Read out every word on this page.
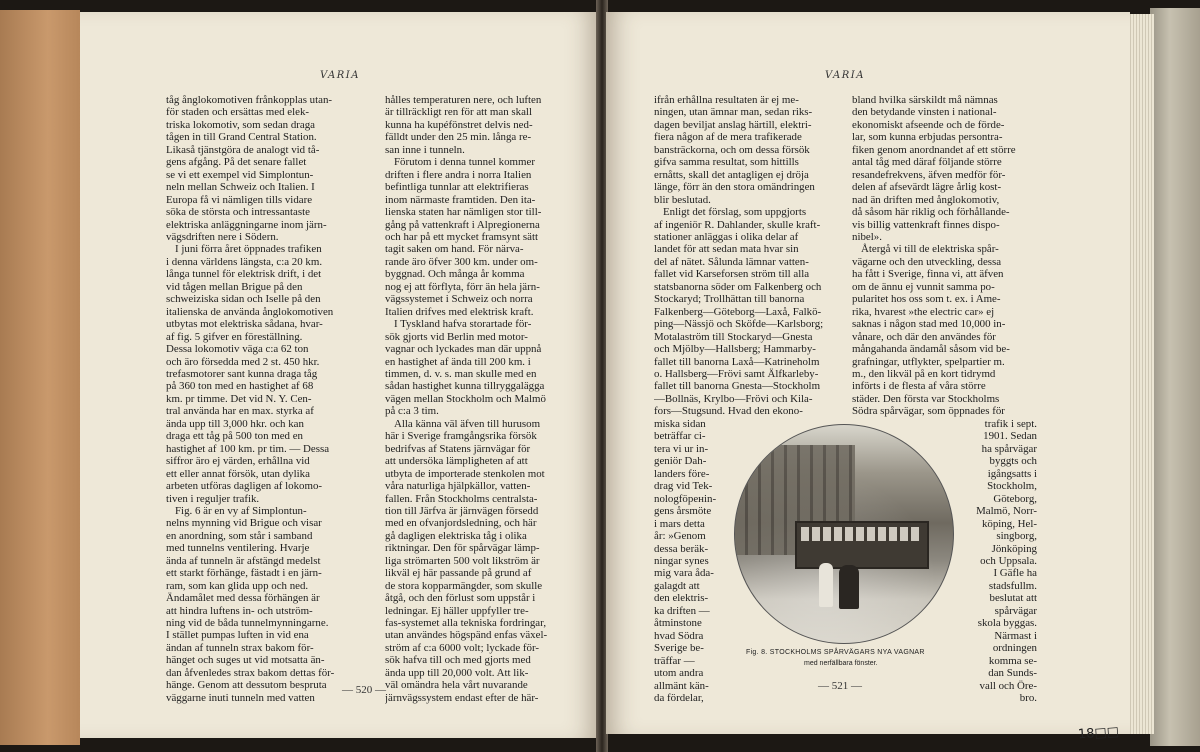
VARIA
tåg ånglokomotiven frånkopplas utan-
för staden och ersättas med elek-
triska lokomotiv, som sedan draga
tågen in till Grand Central Station.
Likaså tjänstgöra de analogt vid tå-
gens afgång. På det senare fallet
se vi ett exempel vid Simplontun-
neln mellan Schweiz och Italien. I
Europa få vi nämligen tills vidare
söka de största och intressantaste
elektriska anläggningarne inom järn-
vägsdriften nere i Södern.
I juni förra året öppnades trafiken
i denna världens längsta, c:a 20 km.
långa tunnel för elektrisk drift, i det
vid tågen mellan Brigue på den
schweiziska sidan och Iselle på den
italienska de använda ånglokomotiven
utbytas mot elektriska sådana, hvar-
af fig. 5 gifver en föreställning.
Dessa lokomotiv väga c:a 62 ton
och äro försedda med 2 st. 450 hkr.
trefasmotorer sant kunna draga tåg
på 360 ton med en hastighet af 68
km. pr timme. Det vid N. Y. Cen-
tral använda har en max. styrka af
ända upp till 3,000 hkr. och kan
draga ett tåg på 500 ton med en
hastighet af 100 km. pr tim. — Dessa
siffror äro ej värden, erhållna vid
ett eller annat försök, utan dylika
arbeten utföras dagligen af lokomo-
tiven i reguljer trafik.
Fig. 6 är en vy af Simplontun-
nelns mynning vid Brigue och visar
en anordning, som står i samband
med tunnelns ventilering. Hvarje
ända af tunneln är afstängd medelst
ett starkt förhänge, fästadt i en järn-
ram, som kan glida upp och ned.
Ändamålet med dessa förhängen är
att hindra luftens in- och utström-
ning vid de båda tunnelmynningarne.
I stället pumpas luften in vid ena
ändan af tunneln strax bakom för-
hänget och suges ut vid motsatta än-
dan åfvenledes strax bakom dettas för-
hänge. Genom att dessutom bespruta
väggarne inuti tunneln med vatten
hålles temperaturen nere, och luften
är tillräckligt ren för att man skall
kunna ha kupéfönstret delvis ned-
fälldt under den 25 min. långa re-
san inne i tunneln.
Förutom i denna tunnel kommer
driften i flere andra i norra Italien
befintliga tunnlar att elektrifieras
inom närmaste framtiden. Den ita-
lienska staten har nämligen stor till-
gång på vattenkraft i Alpregionerna
och har på ett mycket framsynt sätt
tagit saken om hand. För närva-
rande äro öfver 300 km. under om-
byggnad. Och många år komma
nog ej att förflyta, förr än hela järn-
vägssystemet i Schweiz och norra
Italien drifves med elektrisk kraft.
I Tyskland hafva storartade för-
sök gjorts vid Berlin med motor-
vagnar och lyckades man där uppnå
en hastighet af ända till 200 km. i
timmen, d. v. s. man skulle med en
sådan hastighet kunna tillryggalägga
vägen mellan Stockholm och Malmö
på c:a 3 tim.
Alla känna väl äfven till hurusom
här i Sverige framgångsrika försök
bedrifvas af Statens järnvägar för
att undersöka lämpligheten af att
utbyta de importerade stenkolen mot
våra naturliga hjälpkällor, vatten-
fallen. Från Stockholms centralsta-
tion till Järfva är järnvägen försedd
med en ofvanjordsledning, och här
gå dagligen elektriska tåg i olika
riktningar. Den för spårvägar lämp-
liga strömarten 500 volt likström är
likväl ej här passande på grund af
de stora kopparmängder, som skulle
åtgå, och den förlust som uppstår i
ledningar. Ej häller uppfyller tre-
fas-systemet alla tekniska fordringar,
utan användes högspänd enfas växel-
ström af c:a 6000 volt; lyckade för-
sök hafva till och med gjorts med
ända upp till 20,000 volt. Att lik-
väl omändra hela vårt nuvarande
järnvägssystem endast efter de här-
— 520 —
VARIA
ifrån erhållna resultaten är ej me-
ningen, utan ämnar man, sedan riks-
dagen beviljat anslag härtill, elektri-
fiera någon af de mera trafikerade
bansträckorna, och om dessa försök
gifva samma resultat, som hittills
ernåtts, skall det antagligen ej dröja
länge, förr än den stora omändringen
blir beslutad.
Enligt det förslag, som uppgjorts
af ingeniör R. Dahlander, skulle kraft-
stationer anläggas i olika delar af
landet för att sedan mata hvar sin
del af nätet. Sålunda lämnar vatten-
fallet vid Karseforsen ström till alla
statsbanorna söder om Falkenberg och
Stockaryd; Trollhättan till banorna
Falkenberg—Göteborg—Laxå, Falkö-
ping—Nässjö och Sköfde—Karlsborg;
Motalaström till Stockaryd—Gnesta
och Mjölby—Hallsberg; Hammarby-
fallet till banorna Laxå—Katrineholm
o. Hallsberg—Frövi samt Älfkarleby-
fallet till banorna Gnesta—Stockholm
—Bollnäs, Krylbo—Frövi och Kila-
fors—Stugsund. Hvad den ekono-
miska sidan
beträffar ci-
tera vi ur in-
geniör Dah-
landers före-
drag vid Tek-
nologföренin-
gens årsmöte
i mars detta
år: »Genom
dessa beräk-
ningar synes
mig vara åda-
galagdt att
den elektris-
ka driften —
åtminstone
hvad Södra
Sverige be-
träffar —
utom andra
allmänt kän-
da fördelar,
bland hvilka särskildt må nämnas
den betydande vinsten i national-
ekonomiskt afseende och de förde-
lar, som kunna erbjudas persontra-
fiken genom anordnandet af ett större
antal tåg med däraf följande större
resandefrekvens, äfven medför för-
delen af afsevärdt lägre årlig kost-
nad än driften med ånglokomotiv,
då såsom här riklig och förhållande-
vis billig vattenkraft finnes dispo-
nibel».
Återgå vi till de elektriska spår-
vägarne och den utveckling, dessa
ha fått i Sverige, finna vi, att äfven
om de ännu ej vunnit samma po-
pularitet hos oss som t. ex. i Ame-
rika, hvarest »the electric car» ej
saknas i någon stad med 10,000 in-
vånare, och där den användes för
mångahanda ändamål såsom vid be-
grafningar, utflykter, spelpartier m.
m., den likväl på en kort tidrymd
införts i de flesta af våra större
städer. Den första var Stockholms
Södra spårvägar, som öppnades för
trafik i sept.
1901. Sedan
ha spårvägar
byggts och
igångsatts i
Stockholm,
Göteborg,
Malmö, Norr-
köping, Hel-
singborg,
Jönköping
och Uppsala.
I Gäfle ha
stadsfullm.
beslutat att
spårvägar
skola byggas.
Närmast i
ordningen
komma se-
dan Sunds-
vall och Öre-
bro.
Fig. 8. STOCKHOLMS SPÅRVÄGARS NYA VAGNAR
med nerfällbara fönster.
— 521 —
18□□
